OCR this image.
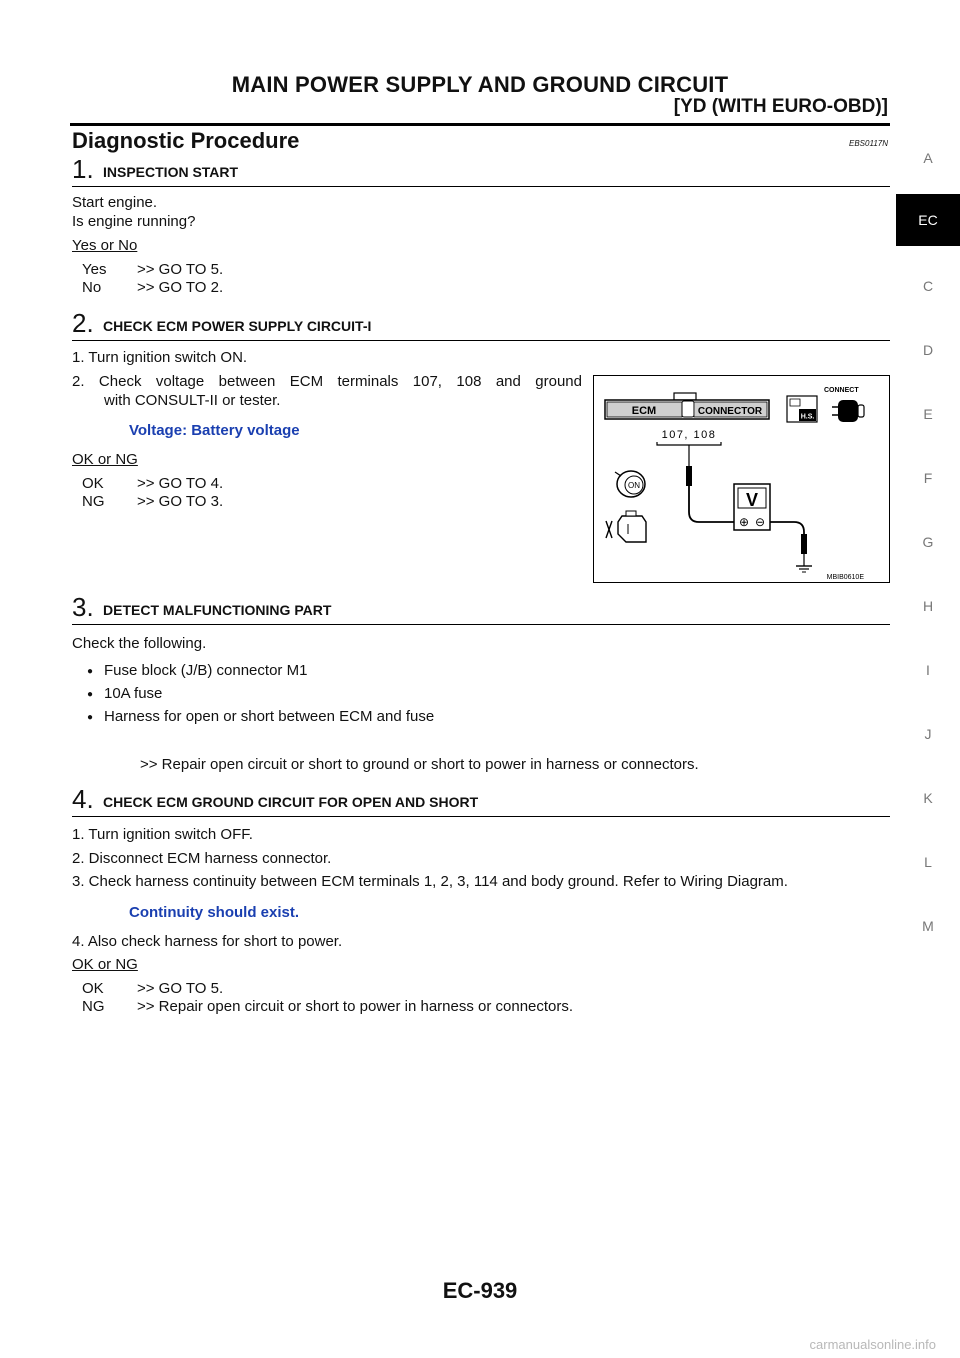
MAIN POWER SUPPLY AND GROUND CIRCUIT
[YD (WITH EURO-OBD)]
Diagnostic Procedure	EBS0117N
1. INSPECTION START
Start engine.
Is engine running?
Yes or No
Yes >> GO TO 5.
No >> GO TO 2.
2. CHECK ECM POWER SUPPLY CIRCUIT-I
1. Turn ignition switch ON.
2. Check voltage between ECM terminals 107, 108 and ground
with CONSULT-II or tester.
Voltage: Battery voltage
OK or NG
OK >> GO TO 4.
NG >> GO TO 3.
ECM	CONNECTOR
107, 108
V
⊕ ⊖
ON
CONNECT
H.S.
MBIB0610E
3. DETECT MALFUNCTIONING PART
Check the following.
● Fuse block (J/B) connector M1
● 10A fuse
● Harness for open or short between ECM and fuse
>> Repair open circuit or short to ground or short to power in harness or connectors.
4. CHECK ECM GROUND CIRCUIT FOR OPEN AND SHORT
1. Turn ignition switch OFF.
2. Disconnect ECM harness connector.
3. Check harness continuity between ECM terminals 1, 2, 3, 114 and body ground. Refer to Wiring Diagram.
Continuity should exist.
4. Also check harness for short to power.
OK or NG
OK >> GO TO 5.
NG >> Repair open circuit or short to power in harness or connectors.
A
EC
C
D
E
F
G
H
I
J
K
L
M
EC-939
carmanualsonline.info
